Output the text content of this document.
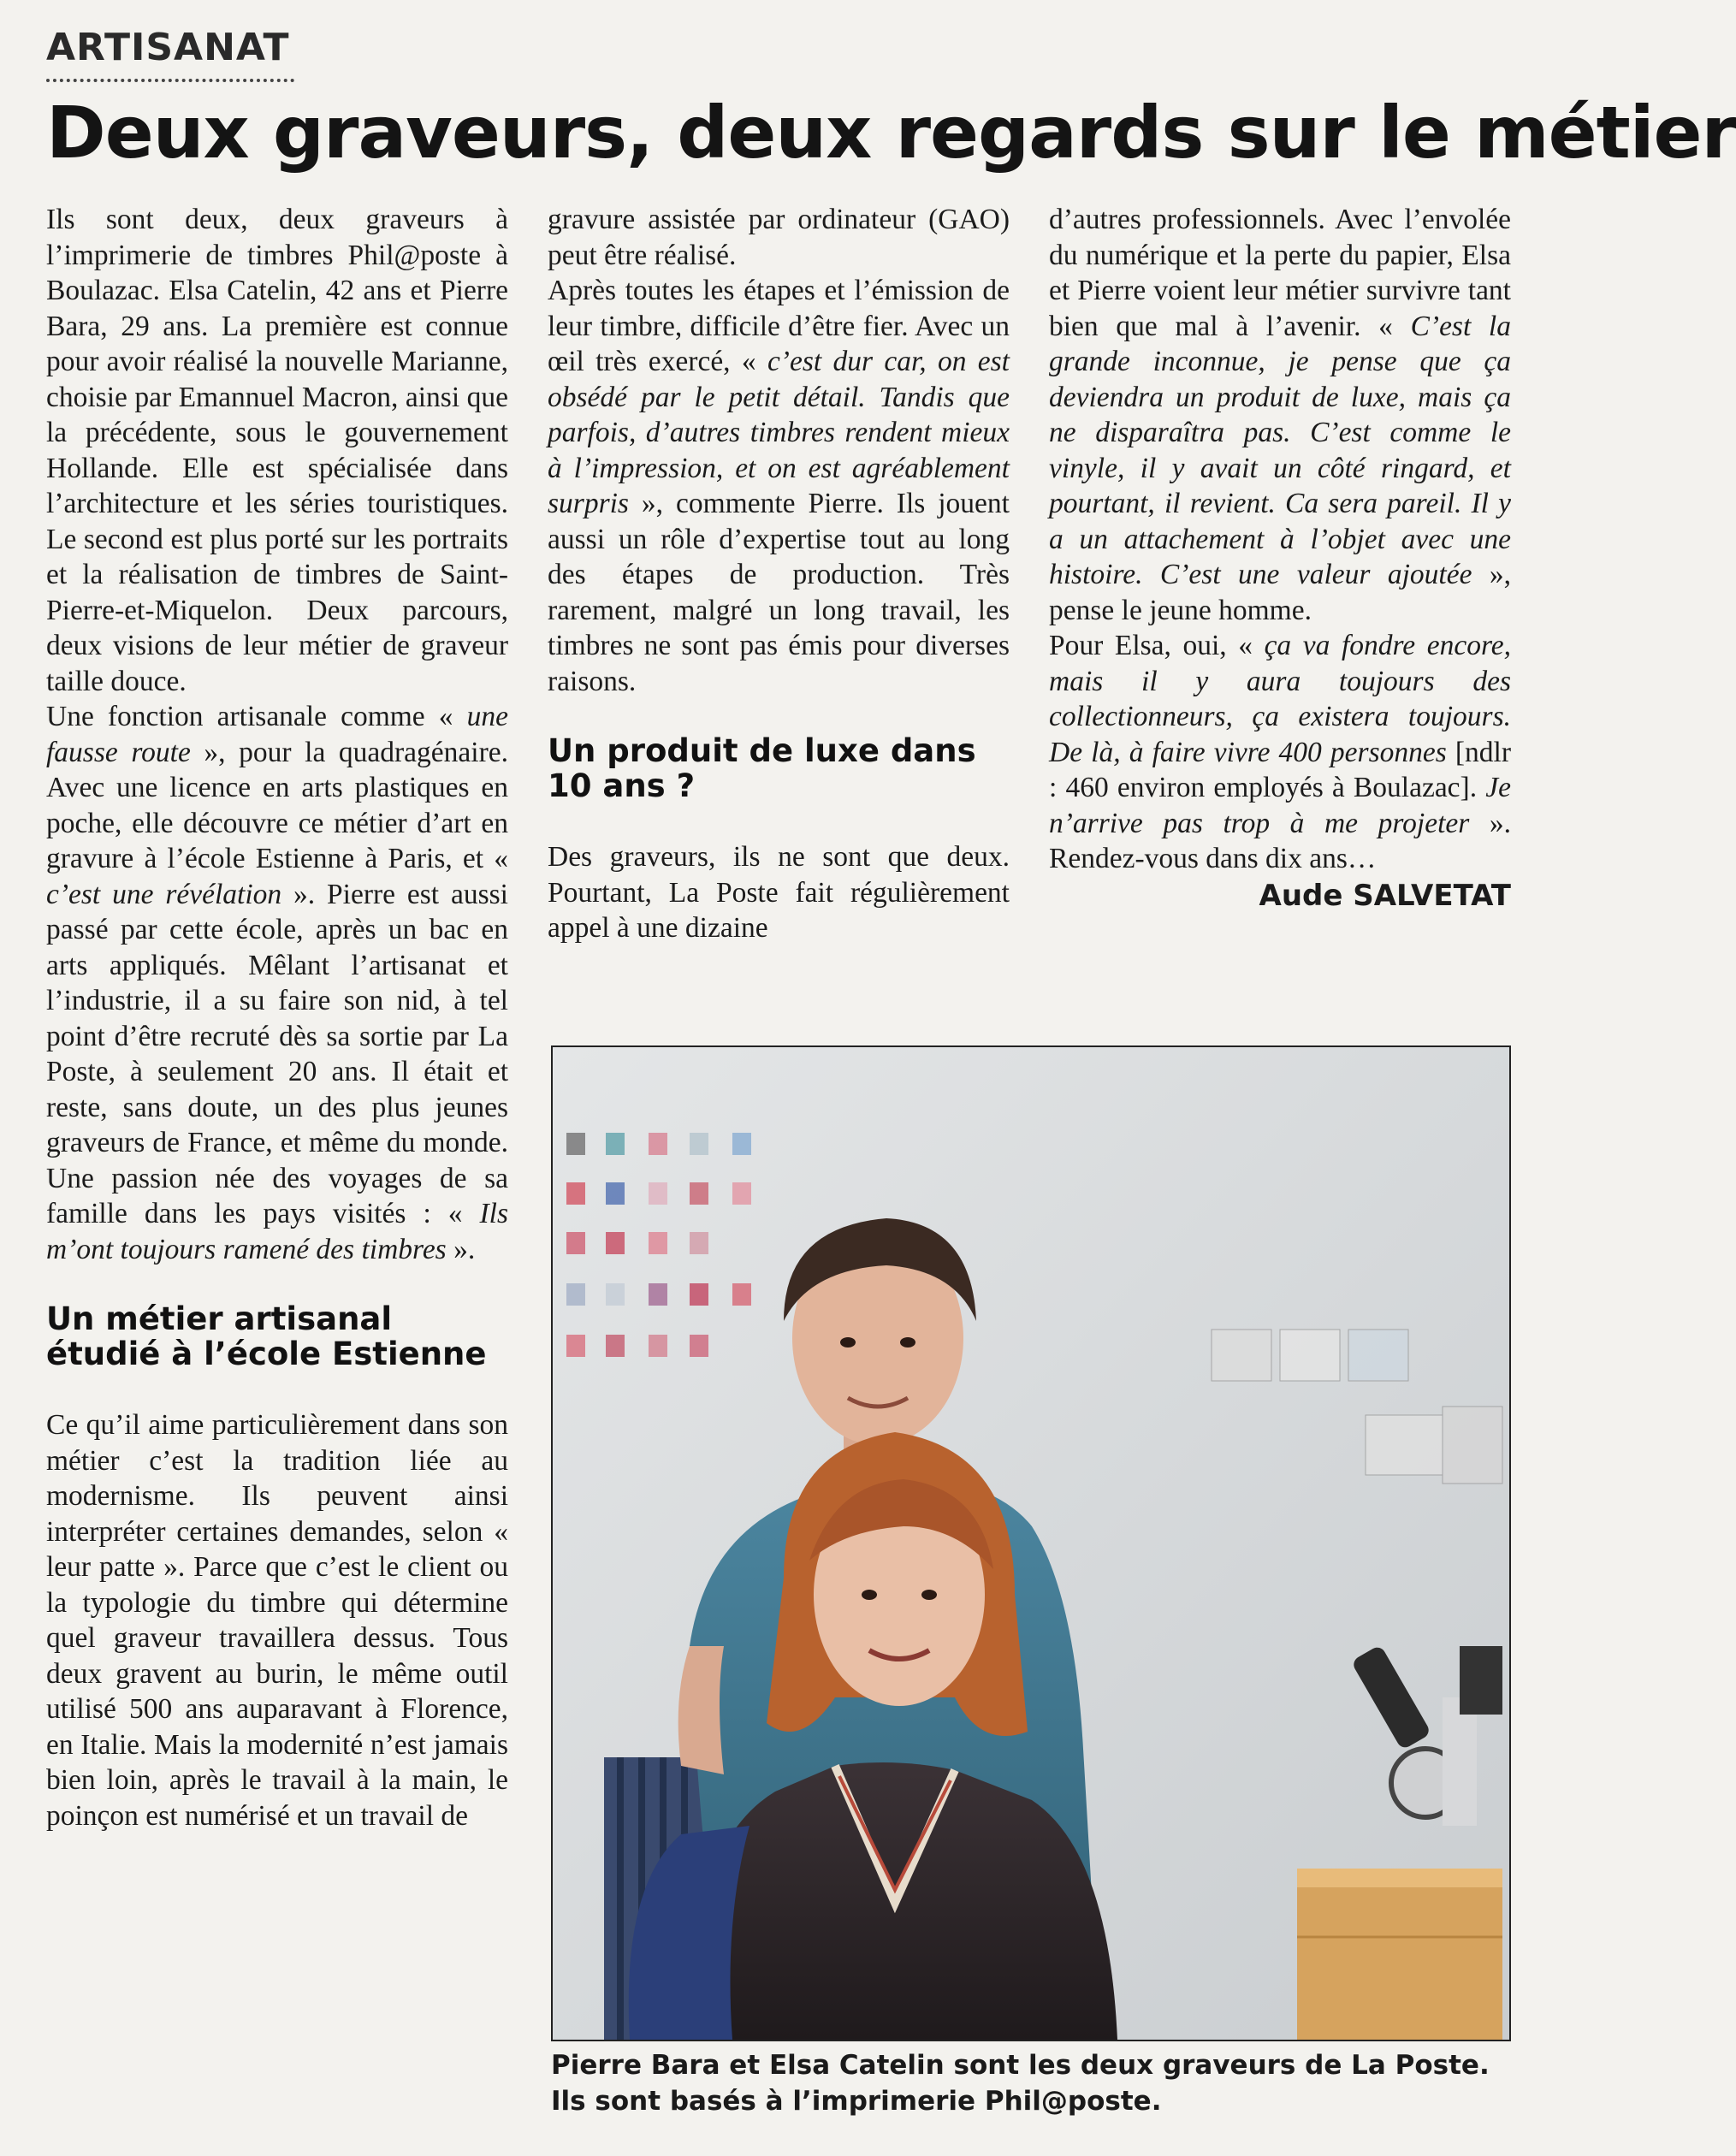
ARTISANAT
Deux graveurs, deux regards sur le métier

Ils sont deux, deux graveurs à l’imprimerie de timbres Phil@poste à Boulazac. Elsa Catelin, 42 ans et Pierre Bara, 29 ans. La première est connue pour avoir réalisé la nouvelle Marianne, choisie par Emannuel Macron, ainsi que la précédente, sous le gouvernement Hollande. Elle est spécialisée dans l’architecture et les séries touristiques. Le second est plus porté sur les portraits et la réalisation de timbres de Saint-Pierre-et-Miquelon. Deux parcours, deux visions de leur métier de graveur taille douce.

Une fonction artisanale comme « une fausse route », pour la quadragénaire. Avec une licence en arts plastiques en poche, elle découvre ce métier d’art en gravure à l’école Estienne à Paris, et « c’est une révélation ». Pierre est aussi passé par cette école, après un bac en arts appliqués. Mêlant l’artisanat et l’industrie, il a su faire son nid, à tel point d’être recruté dès sa sortie par La Poste, à seulement 20 ans. Il était et reste, sans doute, un des plus jeunes graveurs de France, et même du monde. Une passion née des voyages de sa famille dans les pays visités : « Ils m’ont toujours ramené des timbres ».

Un métier artisanal étudié à l’école Estienne

Ce qu’il aime particulièrement dans son métier c’est la tradition liée au modernisme. Ils peuvent ainsi interpréter certaines demandes, selon « leur patte ». Parce que c’est le client ou la typologie du timbre qui détermine quel graveur travaillera dessus. Tous deux gravent au burin, le même outil utilisé 500 ans auparavant à Florence, en Italie. Mais la modernité n’est jamais bien loin, après le travail à la main, le poinçon est numérisé et un travail de

gravure assistée par ordinateur (GAO) peut être réalisé.

Après toutes les étapes et l’émission de leur timbre, difficile d’être fier. Avec un œil très exercé, « c’est dur car, on est obsédé par le petit détail. Tandis que parfois, d’autres timbres rendent mieux à l’impression, et on est agréablement surpris », commente Pierre. Ils jouent aussi un rôle d’expertise tout au long des étapes de production. Très rarement, malgré un long travail, les timbres ne sont pas émis pour diverses raisons.

Un produit de luxe dans 10 ans ?

Des graveurs, ils ne sont que deux. Pourtant, La Poste fait régulièrement appel à une dizaine

d’autres professionnels. Avec l’envolée du numérique et la perte du papier, Elsa et Pierre voient leur métier survivre tant bien que mal à l’avenir. « C’est la grande inconnue, je pense que ça deviendra un produit de luxe, mais ça ne disparaîtra pas. C’est comme le vinyle, il y avait un côté ringard, et pourtant, il revient. Ca sera pareil. Il y a un attachement à l’objet avec une histoire. C’est une valeur ajoutée », pense le jeune homme.

Pour Elsa, oui, « ça va fondre encore, mais il y aura toujours des collectionneurs, ça existera toujours. De là, à faire vivre 400 personnes [ndlr : 460 environ employés à Boulazac]. Je n’arrive pas trop à me projeter ». Rendez-vous dans dix ans…

Aude SALVETAT
Pierre Bara et Elsa Catelin sont les deux graveurs de La Poste. Ils sont basés à l’imprimerie Phil@poste.
